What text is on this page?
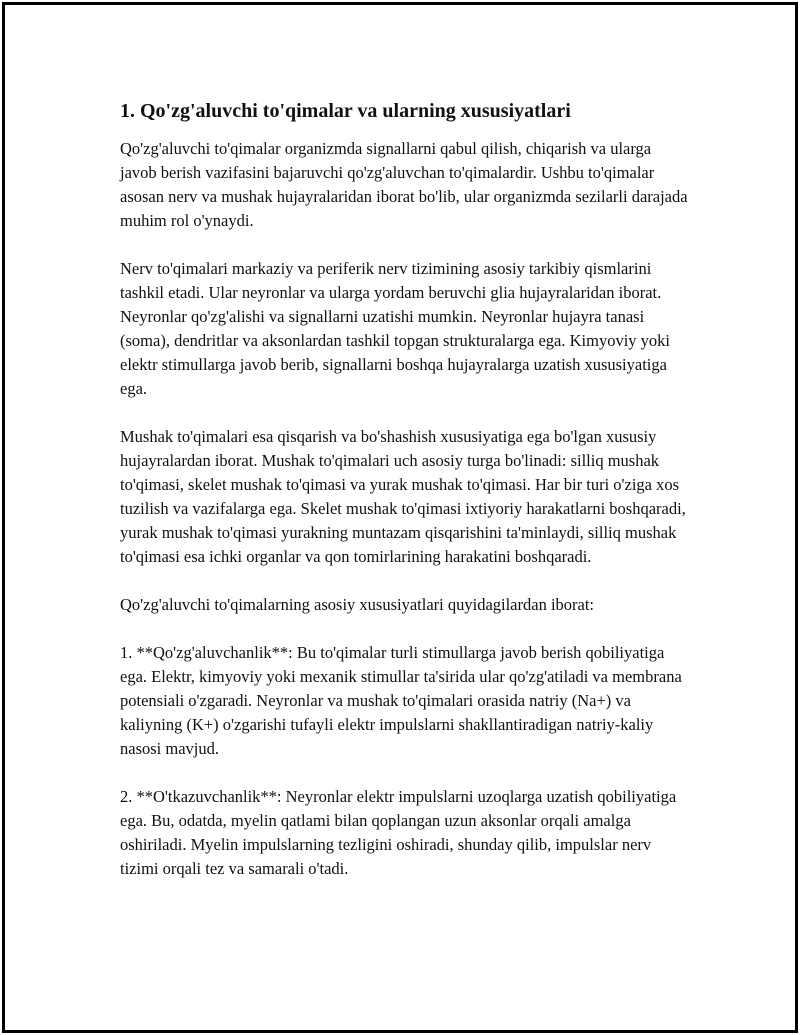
1. Qo'zg'aluvchi to'qimalar va ularning xususiyatlari

Qo'zg'aluvchi to'qimalar organizmda signallarni qabul qilish, chiqarish va ularga javob berish vazifasini bajaruvchi qo'zg'aluvchan to'qimalardir. Ushbu to'qimalar asosan nerv va mushak hujayralaridan iborat bo'lib, ular organizmda sezilarli darajada muhim rol o'ynaydi.

Nerv to'qimalari markaziy va periferik nerv tizimining asosiy tarkibiy qismlarini tashkil etadi. Ular neyronlar va ularga yordam beruvchi glia hujayralaridan iborat. Neyronlar qo'zg'alishi va signallarni uzatishi mumkin. Neyronlar hujayra tanasi (soma), dendritlar va aksonlardan tashkil topgan strukturalarga ega. Kimyoviy yoki elektr stimullarga javob berib, signallarni boshqa hujayralarga uzatish xususiyatiga ega.

Mushak to'qimalari esa qisqarish va bo'shashish xususiyatiga ega bo'lgan xususiy hujayralardan iborat. Mushak to'qimalari uch asosiy turga bo'linadi: silliq mushak to'qimasi, skelet mushak to'qimasi va yurak mushak to'qimasi. Har bir turi o'ziga xos tuzilish va vazifalarga ega. Skelet mushak to'qimasi ixtiyoriy harakatlarni boshqaradi, yurak mushak to'qimasi yurakning muntazam qisqarishini ta'minlaydi, silliq mushak to'qimasi esa ichki organlar va qon tomirlarining harakatini boshqaradi.

Qo'zg'aluvchi to'qimalarning asosiy xususiyatlari quyidagilardan iborat:

1. **Qo'zg'aluvchanlik**: Bu to'qimalar turli stimullarga javob berish qobiliyatiga ega. Elektr, kimyoviy yoki mexanik stimullar ta'sirida ular qo'zg'atiladi va membrana potensiali o'zgaradi. Neyronlar va mushak to'qimalari orasida natriy (Na+) va kaliyning (K+) o'zgarishi tufayli elektr impulslarni shakllantiradigan natriy-kaliy nasosi mavjud.

2. **O'tkazuvchanlik**: Neyronlar elektr impulslarni uzoqlarga uzatish qobiliyatiga ega. Bu, odatda, myelin qatlami bilan qoplangan uzun aksonlar orqali amalga oshiriladi. Myelin impulslarning tezligini oshiradi, shunday qilib, impulslar nerv tizimi orqali tez va samarali o'tadi.
